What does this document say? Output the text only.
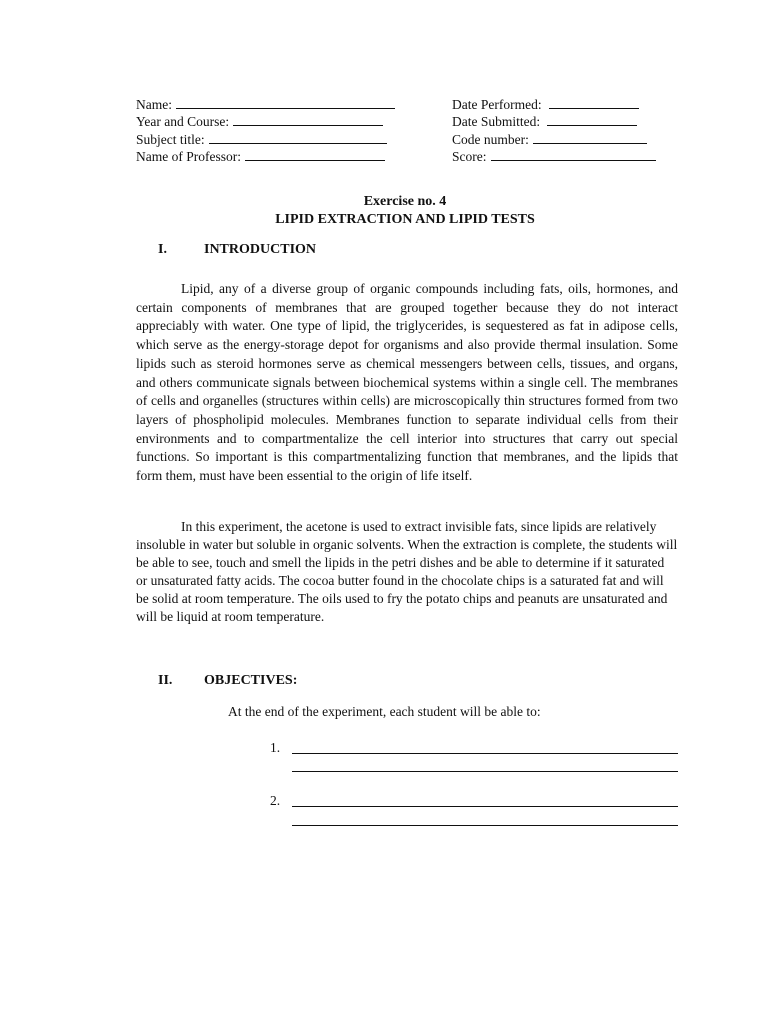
Name:
Year and Course:
Subject title:
Name of Professor:
Date Performed:
Date Submitted:
Code number:
Score:
Exercise no. 4
LIPID EXTRACTION AND LIPID TESTS
I.	INTRODUCTION

Lipid, any of a diverse group of organic compounds including fats, oils, hormones, and certain components of membranes that are grouped together because they do not interact appreciably with water. One type of lipid, the triglycerides, is sequestered as fat in adipose cells, which serve as the energy-storage depot for organisms and also provide thermal insulation. Some lipids such as steroid hormones serve as chemical messengers between cells, tissues, and organs, and others communicate signals between biochemical systems within a single cell. The membranes of cells and organelles (structures within cells) are microscopically thin structures formed from two layers of phospholipid molecules. Membranes function to separate individual cells from their environments and to compartmentalize the cell interior into structures that carry out special functions. So important is this compartmentalizing function that membranes, and the lipids that form them, must have been essential to the origin of life itself.

In this experiment, the acetone is used to extract invisible fats, since lipids are relatively insoluble in water but soluble in organic solvents. When the extraction is complete, the students will be able to see, touch and smell the lipids in the petri dishes and be able to determine if it saturated or unsaturated fatty acids. The cocoa butter found in the chocolate chips is a saturated fat and will be solid at room temperature. The oils used to fry the potato chips and peanuts are unsaturated and will be liquid at room temperature.

II. OBJECTIVES:
At the end of the experiment, each student will be able to:
1.
2.
